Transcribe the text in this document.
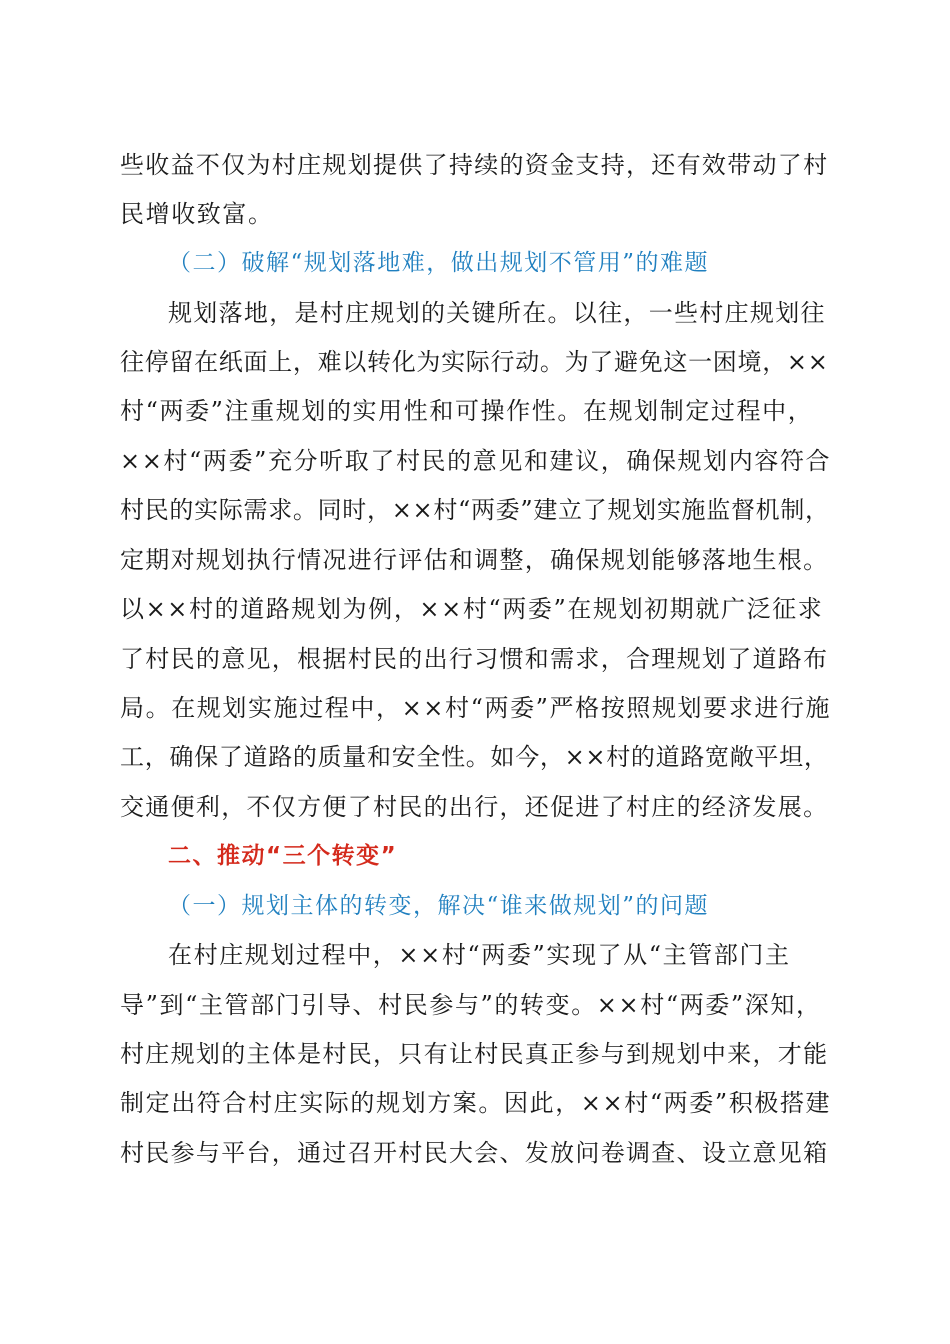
些收益不仅为村庄规划提供了持续的资金支持，还有效带动了村
民增收致富。
（二）破解“规划落地难，做出规划不管用”的难题
规划落地，是村庄规划的关键所在。以往，一些村庄规划往
往停留在纸面上，难以转化为实际行动。为了避免这一困境，××
村“两委”注重规划的实用性和可操作性。在规划制定过程中，
××村“两委”充分听取了村民的意见和建议，确保规划内容符合
村民的实际需求。同时，××村“两委”建立了规划实施监督机制，
定期对规划执行情况进行评估和调整，确保规划能够落地生根。
以××村的道路规划为例，××村“两委”在规划初期就广泛征求
了村民的意见，根据村民的出行习惯和需求，合理规划了道路布
局。在规划实施过程中，××村“两委”严格按照规划要求进行施
工，确保了道路的质量和安全性。如今，××村的道路宽敞平坦，
交通便利，不仅方便了村民的出行，还促进了村庄的经济发展。
二、推动“三个转变”
（一）规划主体的转变，解决“谁来做规划”的问题
在村庄规划过程中，××村“两委”实现了从“主管部门主
导”到“主管部门引导、村民参与”的转变。××村“两委”深知，
村庄规划的主体是村民，只有让村民真正参与到规划中来，才能
制定出符合村庄实际的规划方案。因此，××村“两委”积极搭建
村民参与平台，通过召开村民大会、发放问卷调查、设立意见箱
